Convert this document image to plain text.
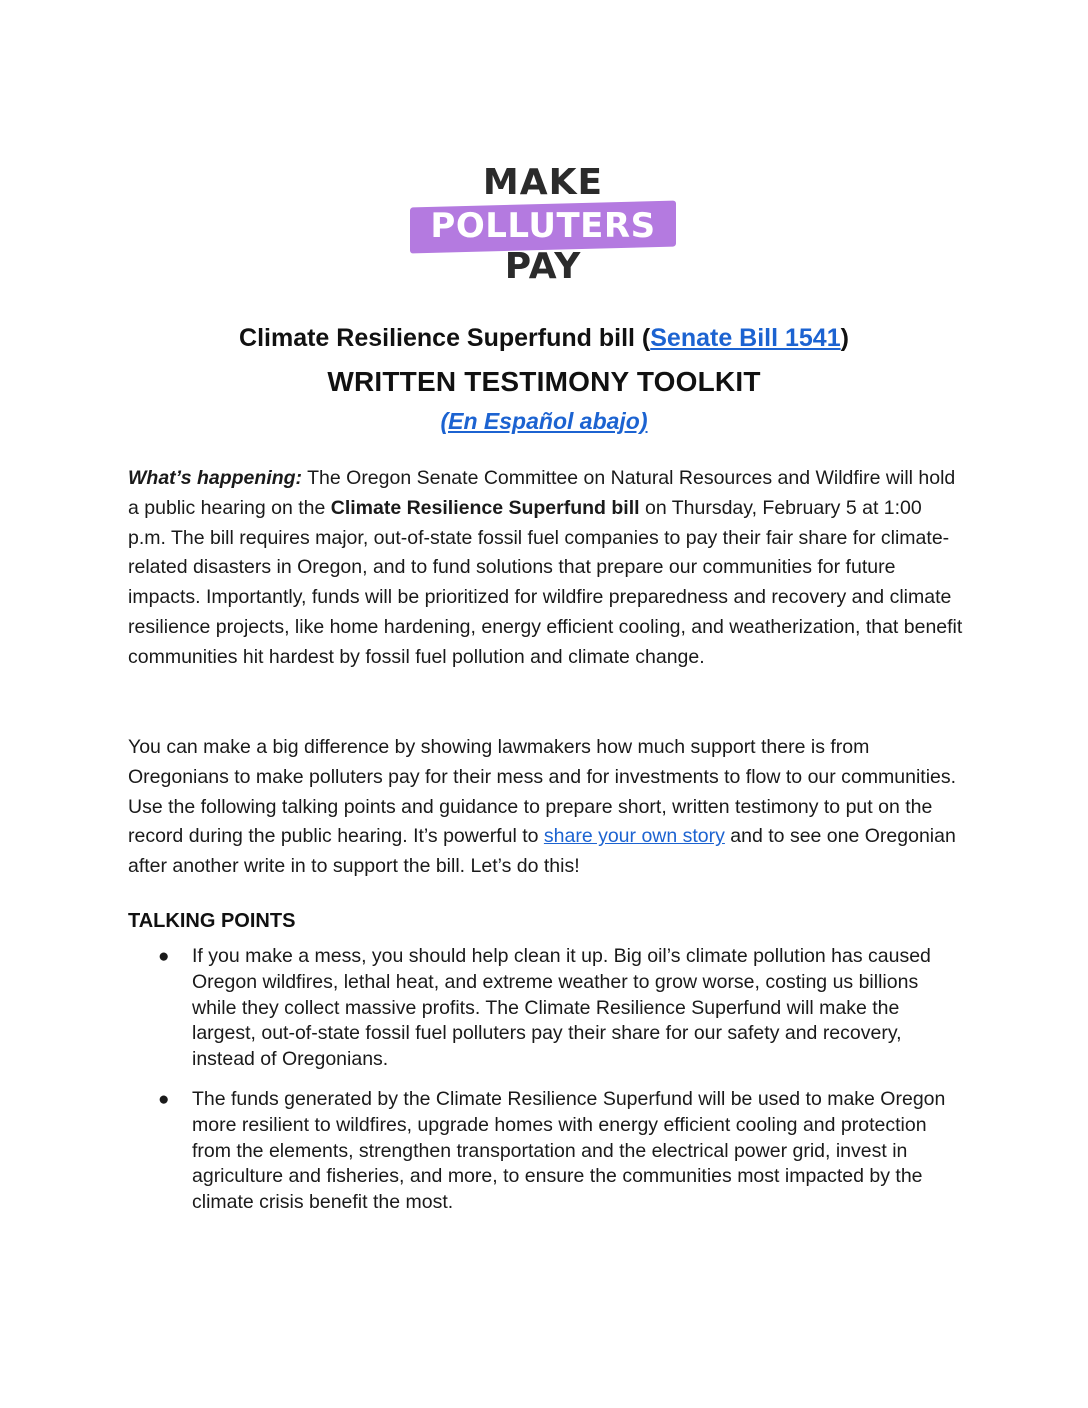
MAKE
POLLUTERS
PAY
Climate Resilience Superfund bill (Senate Bill 1541)
WRITTEN TESTIMONY TOOLKIT
(En Español abajo)
What’s happening: The Oregon Senate Committee on Natural Resources and Wildfire will hold a public hearing on the Climate Resilience Superfund bill on Thursday, February 5 at 1:00 p.m. The bill requires major, out-of-state fossil fuel companies to pay their fair share for climate-related disasters in Oregon, and to fund solutions that prepare our communities for future impacts. Importantly, funds will be prioritized for wildfire preparedness and recovery and climate resilience projects, like home hardening, energy efficient cooling, and weatherization, that benefit communities hit hardest by fossil fuel pollution and climate change.
You can make a big difference by showing lawmakers how much support there is from Oregonians to make polluters pay for their mess and for investments to flow to our communities. Use the following talking points and guidance to prepare short, written testimony to put on the record during the public hearing. It’s powerful to share your own story and to see one Oregonian after another write in to support the bill. Let’s do this!
TALKING POINTS
● If you make a mess, you should help clean it up. Big oil’s climate pollution has caused Oregon wildfires, lethal heat, and extreme weather to grow worse, costing us billions while they collect massive profits. The Climate Resilience Superfund will make the largest, out-of-state fossil fuel polluters pay their share for our safety and recovery, instead of Oregonians.
● The funds generated by the Climate Resilience Superfund will be used to make Oregon more resilient to wildfires, upgrade homes with energy efficient cooling and protection from the elements, strengthen transportation and the electrical power grid, invest in agriculture and fisheries, and more, to ensure the communities most impacted by the climate crisis benefit the most.
